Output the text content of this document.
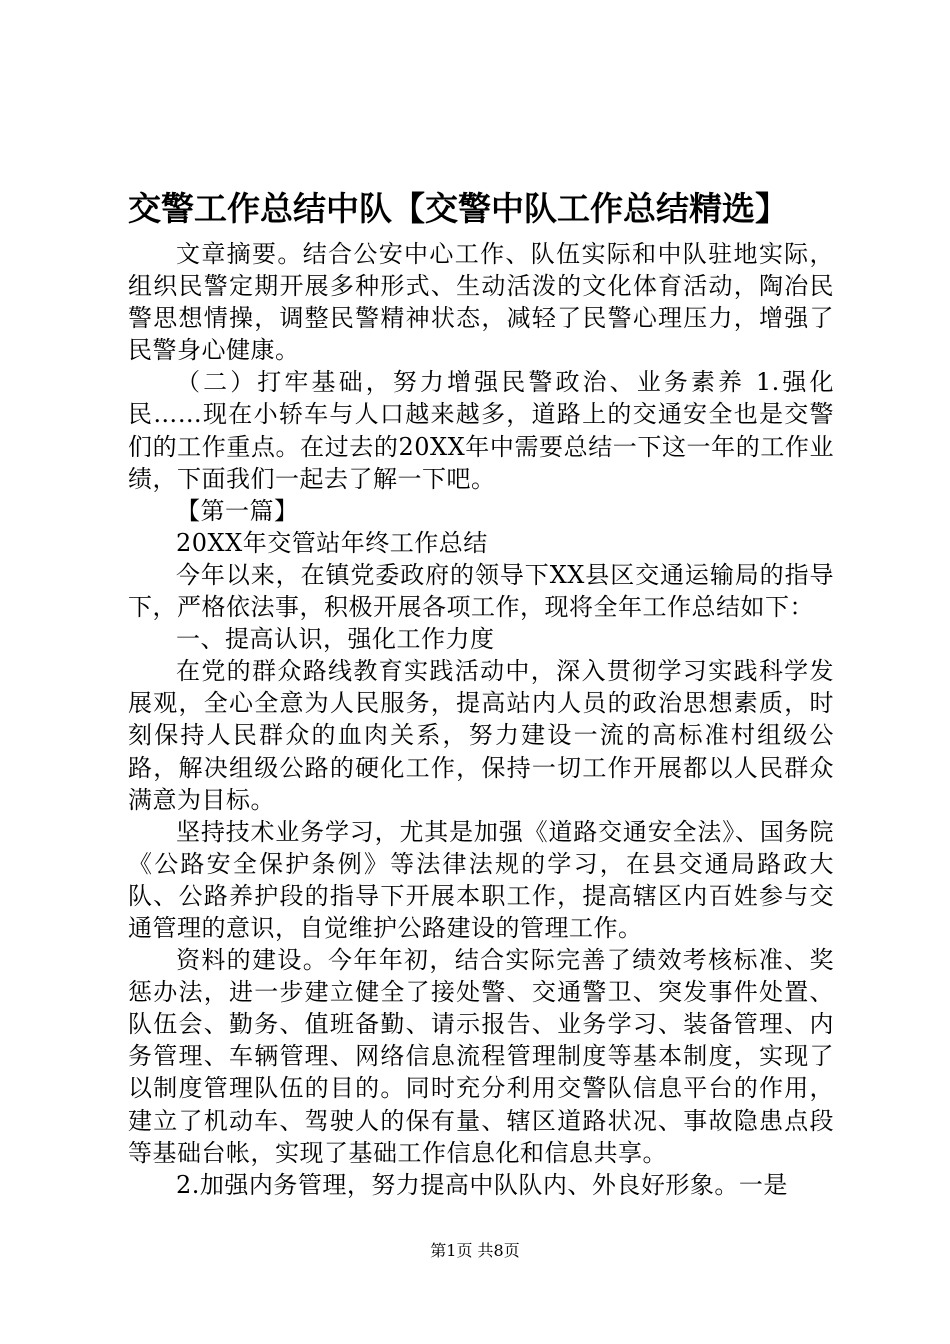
交警工作总结中队【交警中队工作总结精选】

文章摘要。结合公安中心工作、队伍实际和中队驻地实际，组织民警定期开展多种形式、生动活泼的文化体育活动，陶冶民警思想情操，调整民警精神状态，减轻了民警心理压力，增强了民警身心健康。

（二）打牢基础，努力增强民警政治、业务素养 1.强化民……现在小轿车与人口越来越多，道路上的交通安全也是交警们的工作重点。在过去的20XX年中需要总结一下这一年的工作业绩，下面我们一起去了解一下吧。

【第一篇】

20XX年交管站年终工作总结

今年以来，在镇党委政府的领导下XX县区交通运输局的指导下，严格依法事，积极开展各项工作，现将全年工作总结如下：

一、提高认识，强化工作力度

在党的群众路线教育实践活动中，深入贯彻学习实践科学发展观，全心全意为人民服务，提高站内人员的政治思想素质，时刻保持人民群众的血肉关系，努力建设一流的高标准村组级公路，解决组级公路的硬化工作，保持一切工作开展都以人民群众满意为目标。

坚持技术业务学习，尤其是加强《道路交通安全法》、国务院《公路安全保护条例》等法律法规的学习，在县交通局路政大队、公路养护段的指导下开展本职工作，提高辖区内百姓参与交通管理的意识，自觉维护公路建设的管理工作。

资料的建设。今年年初，结合实际完善了绩效考核标准、奖惩办法，进一步建立健全了接处警、交通警卫、突发事件处置、队伍会、勤务、值班备勤、请示报告、业务学习、装备管理、内务管理、车辆管理、网络信息流程管理制度等基本制度，实现了以制度管理队伍的目的。同时充分利用交警队信息平台的作用，建立了机动车、驾驶人的保有量、辖区道路状况、事故隐患点段等基础台帐，实现了基础工作信息化和信息共享。

2.加强内务管理，努力提高中队队内、外良好形象。一是

第1页 共8页
